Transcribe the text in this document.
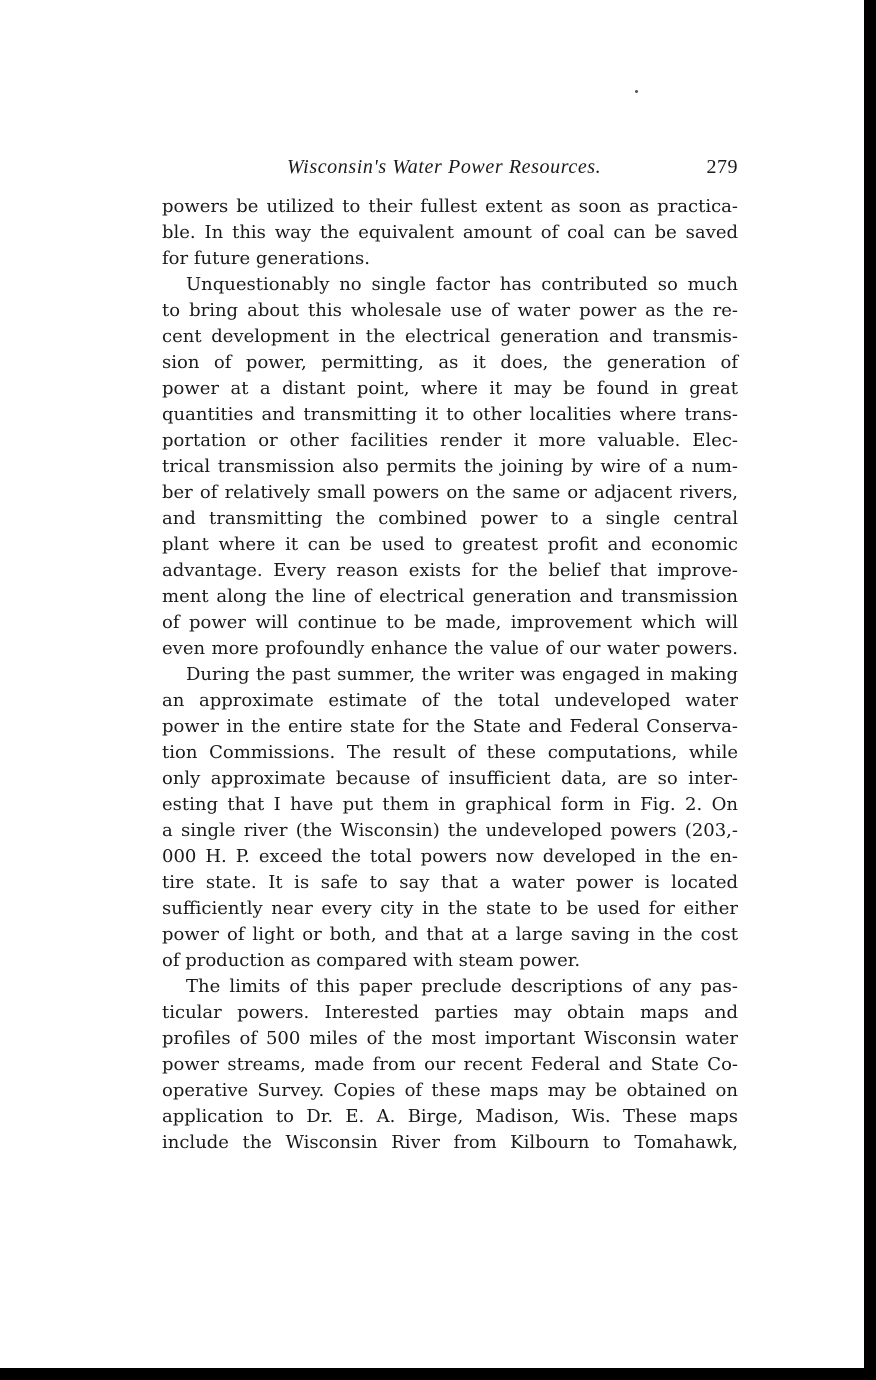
Wisconsin's Water Power Resources.	279
powers be utilized to their fullest extent as soon as practica-
ble. In this way the equivalent amount of coal can be saved
for future generations.
Unquestionably no single factor has contributed so much
to bring about this wholesale use of water power as the re-
cent development in the electrical generation and transmis-
sion of power, permitting, as it does, the generation of
power at a distant point, where it may be found in great
quantities and transmitting it to other localities where trans-
portation or other facilities render it more valuable. Elec-
trical transmission also permits the joining by wire of a num-
ber of relatively small powers on the same or adjacent rivers,
and transmitting the combined power to a single central
plant where it can be used to greatest profit and economic
advantage. Every reason exists for the belief that improve-
ment along the line of electrical generation and transmission
of power will continue to be made, improvement which will
even more profoundly enhance the value of our water powers.
During the past summer, the writer was engaged in making
an approximate estimate of the total undeveloped water
power in the entire state for the State and Federal Conserva-
tion Commissions. The result of these computations, while
only approximate because of insufficient data, are so inter-
esting that I have put them in graphical form in Fig. 2. On
a single river (the Wisconsin) the undeveloped powers (203,-
000 H. P. exceed the total powers now developed in the en-
tire state. It is safe to say that a water power is located
sufficiently near every city in the state to be used for either
power of light or both, and that at a large saving in the cost
of production as compared with steam power.
The limits of this paper preclude descriptions of any pas-
ticular powers. Interested parties may obtain maps and
profiles of 500 miles of the most important Wisconsin water
power streams, made from our recent Federal and State Co-
operative Survey. Copies of these maps may be obtained on
application to Dr. E. A. Birge, Madison, Wis. These maps
include the Wisconsin River from Kilbourn to Tomahawk,
